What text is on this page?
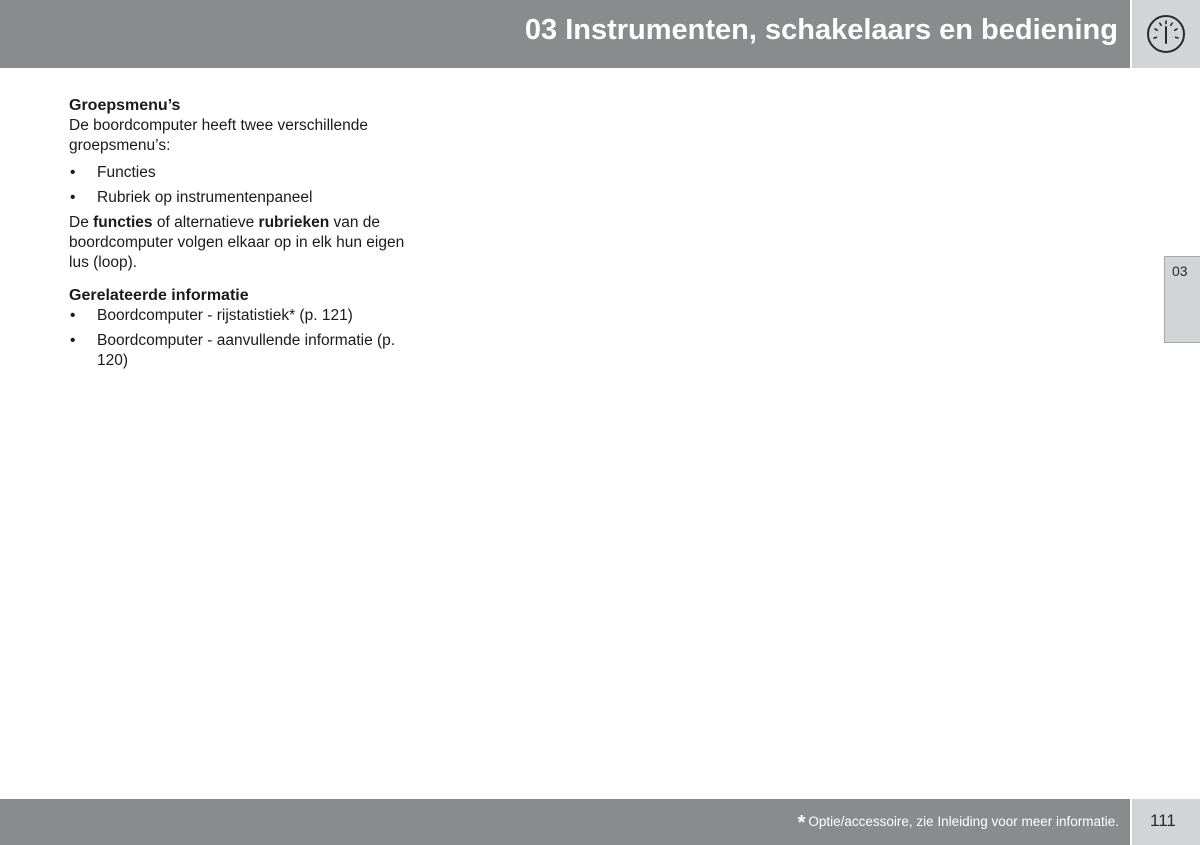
03 Instrumenten, schakelaars en bediening
03

Groepsmenu’s

De boordcomputer heeft twee verschillende groepsmenu’s:

• Functies
• Rubriek op instrumentenpaneel

De functies of alternatieve rubrieken van de boordcomputer volgen elkaar op in elk hun eigen lus (loop).

Gerelateerde informatie

• Boordcomputer - rijstatistiek* (p. 121)
• Boordcomputer - aanvullende informatie (p. 120)
* Optie/accessoire, zie Inleiding voor meer informatie. 111
